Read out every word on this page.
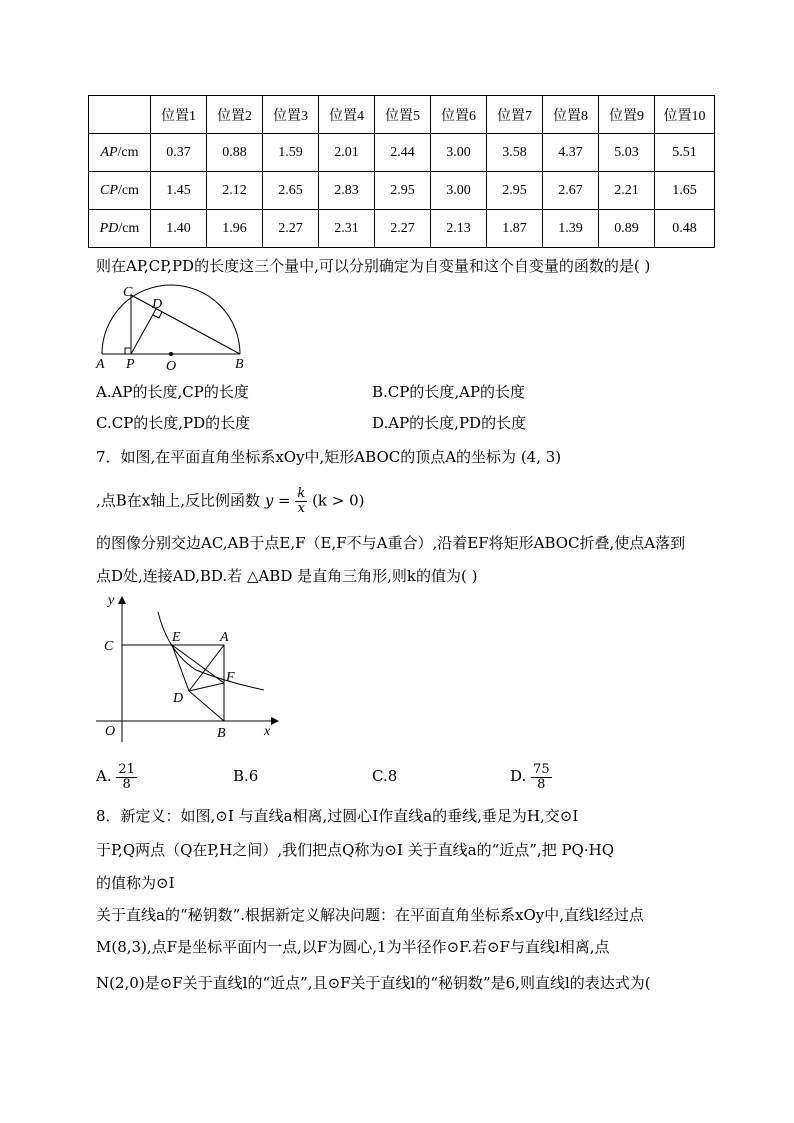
	位置1	位置2	位置3	位置4	位置5	位置6	位置7	位置8	位置9	位置10
AP/cm	0.37	0.88	1.59	2.01	2.44	3.00	3.58	4.37	5.03	5.51
CP/cm	1.45	2.12	2.65	2.83	2.95	3.00	2.95	2.67	2.21	1.65
PD/cm	1.40	1.96	2.27	2.31	2.27	2.13	1.87	1.39	0.89	0.48
则在AP,CP,PD的长度这三个量中,可以分别确定为自变量和这个自变量的函数的是( )
A P O	B
C
D
A.AP的长度,CP的长度	B.CP的长度,AP的长度
C.CP的长度,PD的长度	D.AP的长度,PD的长度
7．如图,在平面直角坐标系xOy中,矩形ABOC的顶点A的坐标为 (4, 3)
,点B在x轴上,反比例函数 $y = \frac{k}{x} (k > 0)$
的图像分别交边AC,AB于点E,F（E,F不与A重合）,沿着EF将矩形ABOC折叠,使点A落到
点D处,连接AD,BD.若 △ABD 是直角三角形,则k的值为( )
y
x
C
E	A
F
D
O	B
A. $\frac{21}{8}$	B.6	C.8	D. $\frac{75}{8}$
8．新定义：如图,⊙I 与直线a相离,过圆心I作直线a的垂线,垂足为H,交⊙I
于P,Q两点（Q在P,H之间）,我们把点Q称为⊙I 关于直线a的“近点”,把 PQ·HQ
的值称为⊙I
关于直线a的“秘钥数”.根据新定义解决问题：在平面直角坐标系xOy中,直线l经过点
M(8,3),点F是坐标平面内一点,以F为圆心,1为半径作⊙F.若⊙F与直线l相离,点
N(2,0)是⊙F关于直线l的“近点”,且⊙F关于直线l的“秘钥数”是6,则直线l的表达式为(
